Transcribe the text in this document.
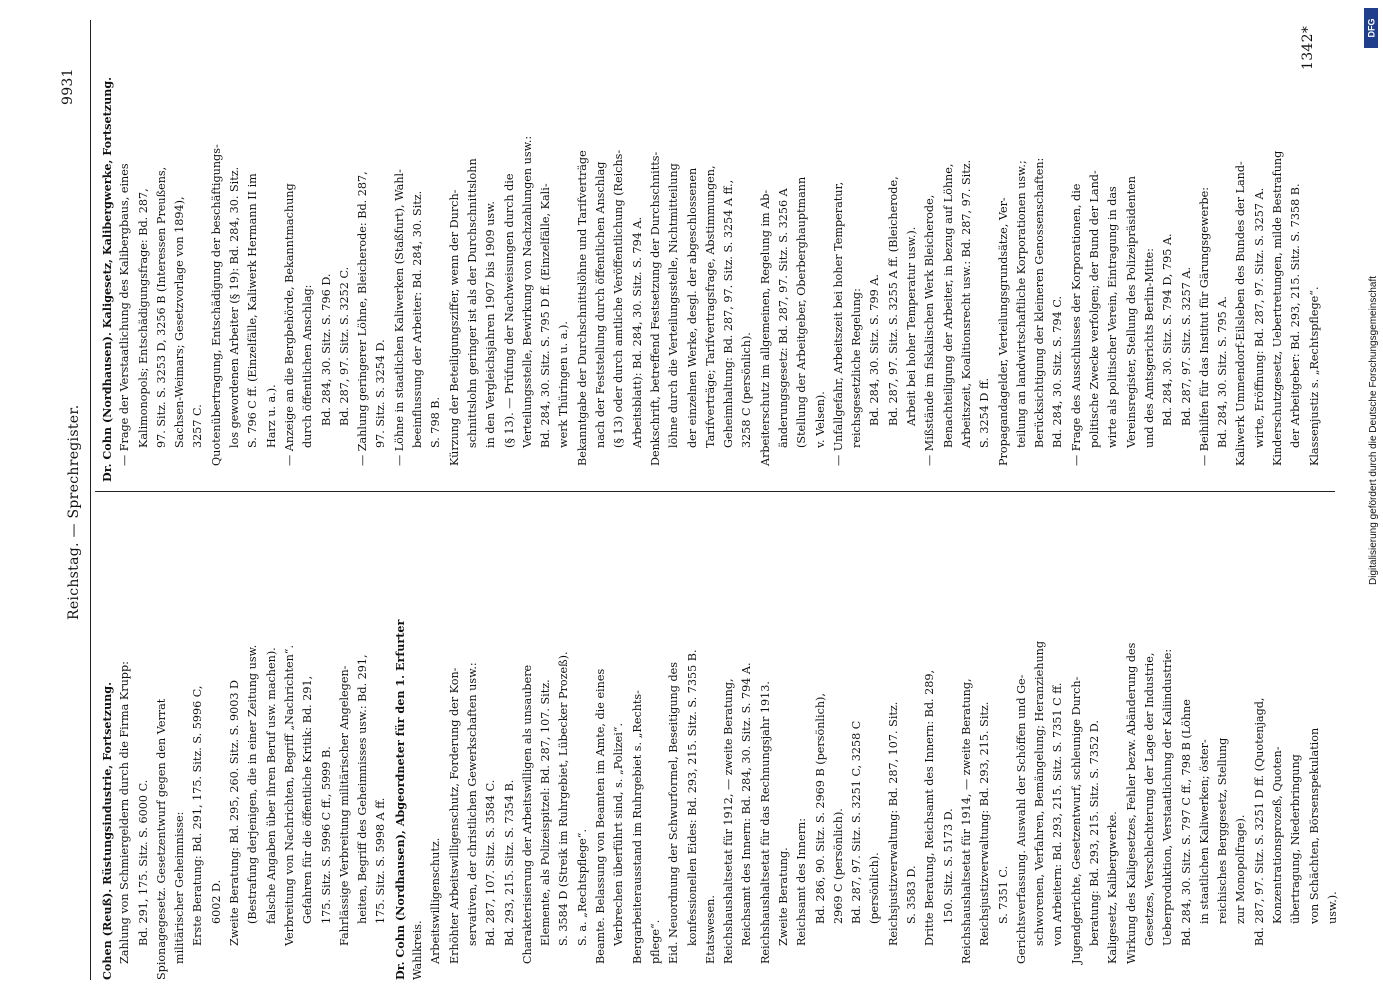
Reichstag. — Sprechregister.
9931
Cohen (Reuß). Rüstungsindustrie, Fortsetzung. Zahlung von Schmiergeldern durch die Firma Krupp: Bd. 291, 175. Sitz. S. 6000 C. Spionagegesetz. Gesetzentwurf gegen den Verrat militärischer Geheimnisse: Erste Beratung: Bd. 291, 175. Sitz. S. 5996 C, 6002 D. Zweite Beratung: Bd. 295, 260. Sitz. S. 9003 D (Bestrafung derjenigen, die in einer Zeitung usw. falsche Angaben über ihren Beruf usw. machen). Verbreitung von Nachrichten, Begriff „Nachrichten“. Gefahren für die öffentliche Kritik: Bd. 291, 175. Sitz. S. 5996 C ff., 5999 B. Fahrlässige Verbreitung militärischer Angelegen- heiten, Begriff des Geheimnisses usw.: Bd. 291, 175. Sitz. S. 5998 A ff. Dr. Cohn (Nordhausen), Abgeordneter für den 1. Erfurter Wahlkreis. Arbeitswilligenschutz. Erhöhter Arbeitswilligenschutz, Forderung der Kon- servativen, der christlichen Gewerkschaften usw.: Bd. 287, 107. Sitz. S. 3584 C. Bd. 293, 215. Sitz. S. 7354 B. Charakterisierung der Arbeitswilligen als unsaubere Elemente, als Polizeispitzel: Bd. 287, 107. Sitz. S. 3584 D (Streik im Ruhrgebiet, Lübecker Prozeß). S. a. „Rechtspflege“. Beamte. Belassung von Beamten im Amte, die eines Verbrechen überführt sind, s. „Polizei“. Bergarbeiterausstand im Ruhrgebiet s. „Rechts- pflege“. Eid. Neuordnung der Schwurformel, Beseitigung des konfessionellen Eides: Bd. 293, 215. Sitz. S. 7355 B. Etatswesen. Reichshaushaltsetat für 1912, — zweite Beratung, Reichsamt des Innern: Bd. 284, 30. Sitz. S. 794 A. Reichshaushaltsetat für das Rechnungsjahr 1913. Zweite Beratung. Reichsamt des Innern: Bd. 286, 90. Sitz. S. 2969 B (persönlich), 2969 C (persönlich). Bd. 287, 97. Sitz. S. 3251 C, 3258 C (persönlich). Reichsjustizverwaltung: Bd. 287, 107. Sitz. S. 3583 D. Dritte Beratung, Reichsamt des Innern: Bd. 289, 150. Sitz. S. 5173 D. Reichshaushaltsetat für 1914, — zweite Beratung, Reichsjustizverwaltung: Bd. 293, 215. Sitz. S. 7351 C. Gerichtsverfassung. Auswahl der Schöffen und Ge- schworenen, Verfahren, Bemängelung; Heranziehung von Arbeitern: Bd. 293, 215. Sitz. S. 7351 C ff. Jugendgerichte, Gesetzentwurf, schleunige Durch- beratung: Bd. 293, 215. Sitz. S. 7352 D. Kaligesetz, Kalibergwerke. Wirkung des Kaligesetzes, Fehler bezw. Abänderung des Gesetzes, Verschlechterung der Lage der Industrie, Ueberproduktion, Verstaatlichung der Kaliindustrie: Bd. 284, 30. Sitz. S. 797 C ff., 798 B (Löhne in staatlichen Kaliwerken; öster- reichisches Berggesetz, Stellung zur Monopolfrage). Bd. 287, 97. Sitz. S. 3251 D ff. (Quotenjagd, Konzentrationsprozeß, Quoten- übertragung, Niederbringung von Schächten, Börsenspekulation usw.).
Dr. Cohn (Nordhausen). Kaligesetz, Kalibergwerke, Fortsetzung. — Frage der Verstaatlichung des Kalibergbaus, eines Kalimonopols; Entschädigungsfrage: Bd. 287, 97. Sitz. S. 3253 D, 3256 B (Interessen Preußens, Sachsen-Weimars; Gesetzvorlage von 1894), 3257 C. Quotenübertragung, Entschädigung der beschäftigungs- los gewordenen Arbeiter (§ 19): Bd. 284, 30. Sitz. S. 796 C ff. (Einzelfälle, Kaliwerk Hermann II im Harz u. a.). — Anzeige an die Bergbehörde, Bekanntmachung durch öffentlichen Anschlag: Bd. 284, 30. Sitz. S. 796 D. Bd. 287, 97. Sitz. S. 3252 C. — Zahlung geringerer Löhne, Bleicherode: Bd. 287, 97. Sitz. S. 3254 D. — Löhne in staatlichen Kaliwerken (Staßfurt), Wahl- beeinflussung der Arbeiter: Bd. 284, 30. Sitz. S. 798 B. Kürzung der Beteiligungsziffer, wenn der Durch- schnittslohn geringer ist als der Durchschnittslohn in den Vergleichsjahren 1907 bis 1909 usw. (§ 13). — Prüfung der Nachweisungen durch die Verteilungsstelle, Bewirkung von Nachzahlungen usw.: Bd. 284, 30. Sitz. S. 795 D ff. (Einzelfälle, Kali- werk Thüringen u. a.). Bekanntgabe der Durchschnittslöhne und Tarifverträge nach der Feststellung durch öffentlichen Anschlag (§ 13) oder durch amtliche Veröffentlichung (Reichs- Arbeitsblatt): Bd. 284, 30. Sitz. S. 794 A. Denkschrift, betreffend Festsetzung der Durchschnitts- löhne durch die Verteilungsstelle, Nichtmitteilung der einzelnen Werke, desgl. der abgeschlossenen Tarifverträge; Tarifvertragsfrage, Abstimmungen, Geheimhaltung: Bd. 287, 97. Sitz. S. 3254 A ff., 3258 C (persönlich). Arbeiterschutz im allgemeinen, Regelung im Ab- änderungsgesetz: Bd. 287, 97. Sitz. S. 3256 A (Stellung der Arbeitgeber, Oberberghauptmann v. Velsen). — Unfallgefahr, Arbeitszeit bei hoher Temperatur, reichsgesetzliche Regelung: Bd. 284, 30. Sitz. S. 799 A. Bd. 287, 97. Sitz. S. 3255 A ff. (Bleicherode, Arbeit bei hoher Temperatur usw.). — Mißstände im fiskalischen Werk Bleicherode, Benachteiligung der Arbeiter, in bezug auf Löhne, Arbeitszeit, Koalitionsrecht usw.: Bd. 287, 97. Sitz. S. 3254 D ff. Propagandagelder, Verteilungsgrundsätze, Ver- teilung an landwirtschaftliche Korporationen usw.; Berücksichtigung der kleineren Genossenschaften: Bd. 284, 30. Sitz. S. 794 C. — Frage des Ausschlusses der Korporationen, die politische Zwecke verfolgen; der Bund der Land- wirte als politischer Verein, Eintragung in das Vereinsregister, Stellung des Polizeipräsidenten und des Amtsgerichts Berlin-Mitte: Bd. 284, 30. Sitz. S. 794 D, 795 A. Bd. 287, 97. Sitz. S. 3257 A. — Beihilfen für das Institut für Gärungsgewerbe: Bd. 284, 30. Sitz. S. 795 A. Kaliwerk Ummendorf-Eilsleben des Bundes der Land- wirte, Eröffnung: Bd. 287, 97. Sitz. S. 3257 A. Kinderschutzgesetz, Uebertretungen, milde Bestrafung der Arbeitgeber: Bd. 293, 215. Sitz. S. 7358 B. Klassenjustiz s. „Rechtspflege“.
1342*
Digitalisierung gefördert durch die Deutsche Forschungsgemeinschaft
DFG
